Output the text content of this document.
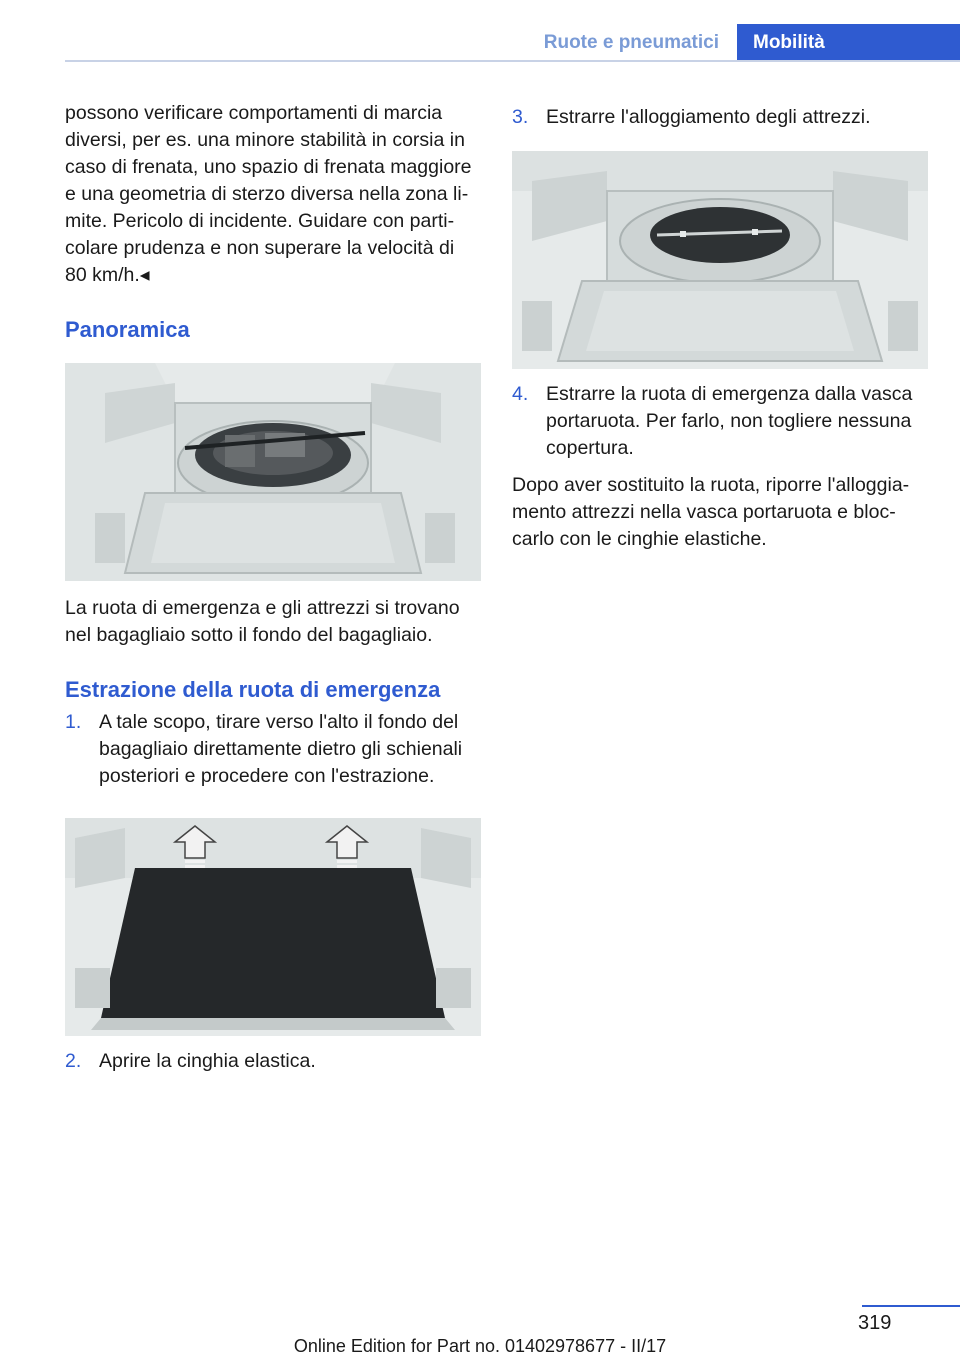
Ruote e pneumatici	Mobilità

possono verificare comportamenti di marcia diversi, per es. una minore stabilità in corsia in caso di frenata, uno spazio di frenata maggiore e una geometria di sterzo diversa nella zona li‐ mite. Pericolo di incidente. Guidare con parti‐ colare prudenza e non superare la velocità di 80 km/h.◂

Panoramica

La ruota di emergenza e gli attrezzi si trovano nel bagagliaio sotto il fondo del bagagliaio.

Estrazione della ruota di emergenza
1. A tale scopo, tirare verso l'alto il fondo del bagagliaio direttamente dietro gli schienali posteriori e procedere con l'estrazione.
2. Aprire la cinghia elastica.
3. Estrarre l'alloggiamento degli attrezzi.
4. Estrarre la ruota di emergenza dalla vasca portaruota. Per farlo, non togliere nessuna copertura.

Dopo aver sostituito la ruota, riporre l'alloggia‐ mento attrezzi nella vasca portaruota e bloc‐ carlo con le cinghie elastiche.

319
Online Edition for Part no. 01402978677 - II/17
